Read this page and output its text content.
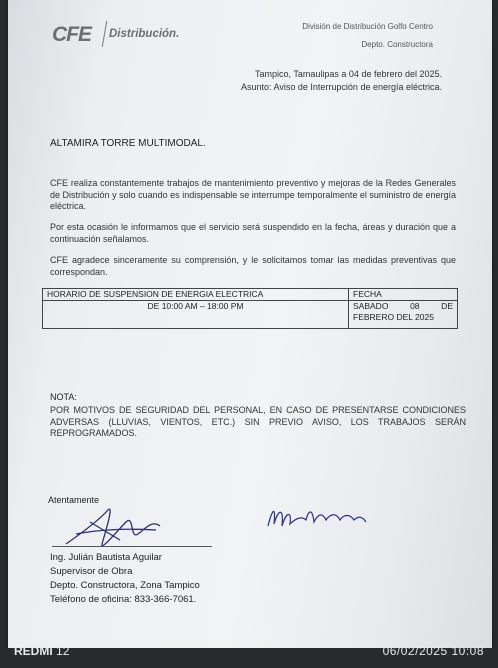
CFE Distribución.
División de Distribución Golfo Centro
Depto. Constructora
Tampico, Tamaulipas a 04 de febrero del 2025.
Asunto: Aviso de Interrupción de energía eléctrica.
ALTAMIRA TORRE MULTIMODAL.
CFE realiza constantemente trabajos de mantenimiento preventivo y mejoras de la Redes Generales de Distribución y solo cuando es indispensable se interrumpe temporalmente el suministro de energía eléctrica.
Por esta ocasión le informamos que el servicio será suspendido en la fecha, áreas y duración que a continuación señalamos.
CFE agradece sinceramente su comprensión, y le solicitamos tomar las medidas preventivas que correspondan.
HORARIO DE SUSPENSION DE ENERGIA ELECTRICA	FECHA
DE 10:00 AM – 18:00 PM	SABADO 08 DE FEBRERO DEL 2025
NOTA:
POR MOTIVOS DE SEGURIDAD DEL PERSONAL, EN CASO DE PRESENTARSE CONDICIONES ADVERSAS (LLUVIAS, VIENTOS, ETC.) SIN PREVIO AVISO, LOS TRABAJOS SERÁN REPROGRAMADOS.
Atentamente
Ing. Julián Bautista Aguilar
Supervisor de Obra
Depto. Constructora, Zona Tampico
Teléfono de oficina: 833-366-7061.
REDMI 12	06/02/2025 10:08
